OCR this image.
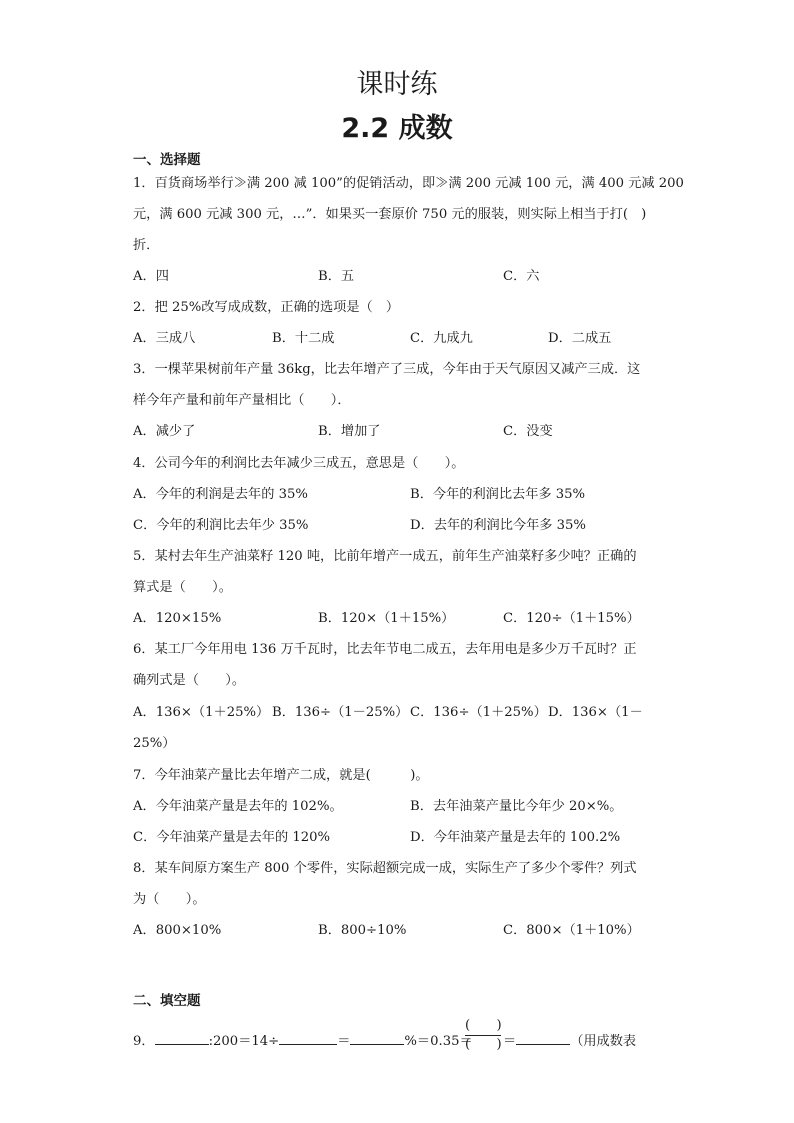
课时练
2.2 成数
一、选择题
1．百货商场举行≫满 200 减 100”的促销活动，即≫满 200 元减 100 元，满 400 元减 200
元，满 600 元减 300 元，…”．如果买一套原价 750 元的服装，则实际上相当于打(　)
折．
A．四	B．五	C．六
2．把 25%改写成成数，正确的选项是（　）
A．三成八	B．十二成	C．九成九	D．二成五
3．一棵苹果树前年产量 36kg，比去年增产了三成，今年由于天气原因又减产三成．这
样今年产量和前年产量相比（　　）．
A．减少了	B．增加了	C．没变
4．公司今年的利润比去年减少三成五，意思是（　　）。
A．今年的利润是去年的 35%	B．今年的利润比去年多 35%
C．今年的利润比去年少 35%	D．去年的利润比今年多 35%
5．某村去年生产油菜籽 120 吨，比前年增产一成五，前年生产油菜籽多少吨？正确的
算式是（　　）。
A．120×15%	B．120×（1＋15%）	C．120÷（1＋15%）
6．某工厂今年用电 136 万千瓦时，比去年节电二成五，去年用电是多少万千瓦时？正
确列式是（　　）。
A．136×（1＋25%） B．136÷（1－25%） C．136÷（1＋25%） D．136×（1－
25%）
7．今年油菜产量比去年增产二成，就是(　　　)。
A．今年油菜产量是去年的 102%。	B．去年油菜产量比今年少 20×%。
C．今年油菜产量是去年的 120%	D．今年油菜产量是去年的 100.2%
8．某车间原方案生产 800 个零件，实际超额完成一成，实际生产了多少个零件？列式
为（　　）。
A．800×10%	B．800÷10%	C．800×（1＋10%）
二、填空题
9．	:200＝14÷	＝	%＝0.35＝
(　　)
(　　) ＝	（用成数表
